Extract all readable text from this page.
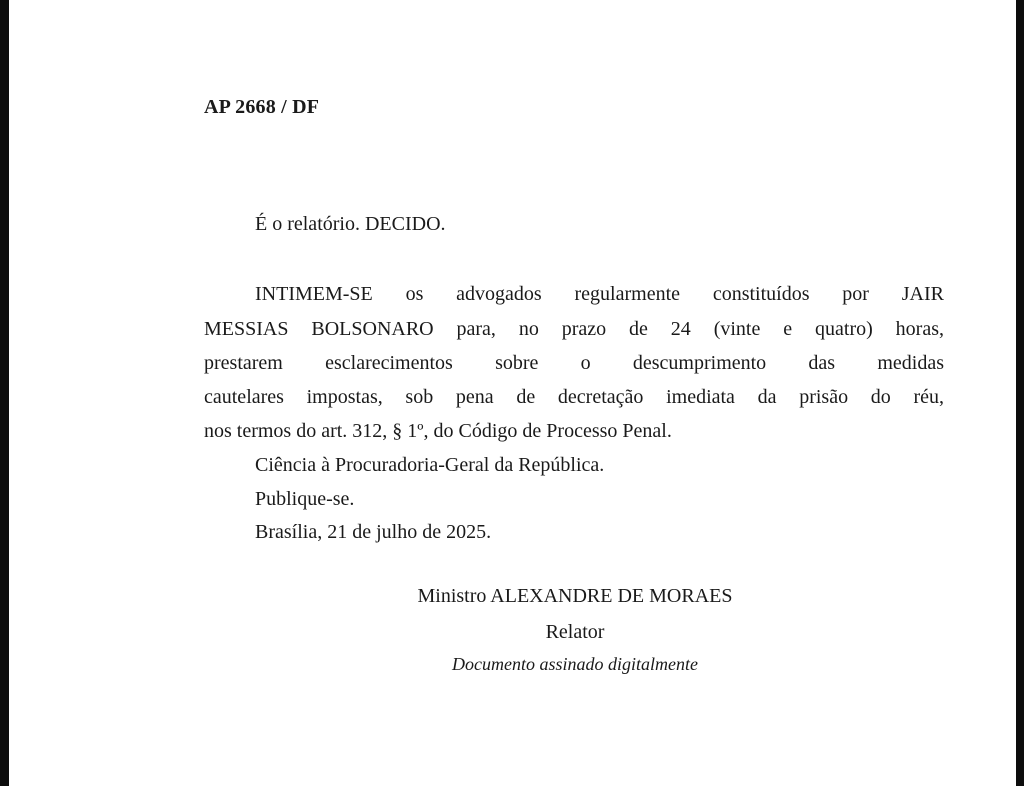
AP 2668 / DF
É o relatório. DECIDO.
INTIMEM-SE os advogados regularmente constituídos por JAIR
MESSIAS BOLSONARO para, no prazo de 24 (vinte e quatro) horas,
prestarem esclarecimentos sobre o descumprimento das medidas
cautelares impostas, sob pena de decretação imediata da prisão do réu,
nos termos do art. 312, § 1º, do Código de Processo Penal.
Ciência à Procuradoria-Geral da República.
Publique-se.
Brasília, 21 de julho de 2025.
Ministro ALEXANDRE DE MORAES
Relator
Documento assinado digitalmente
